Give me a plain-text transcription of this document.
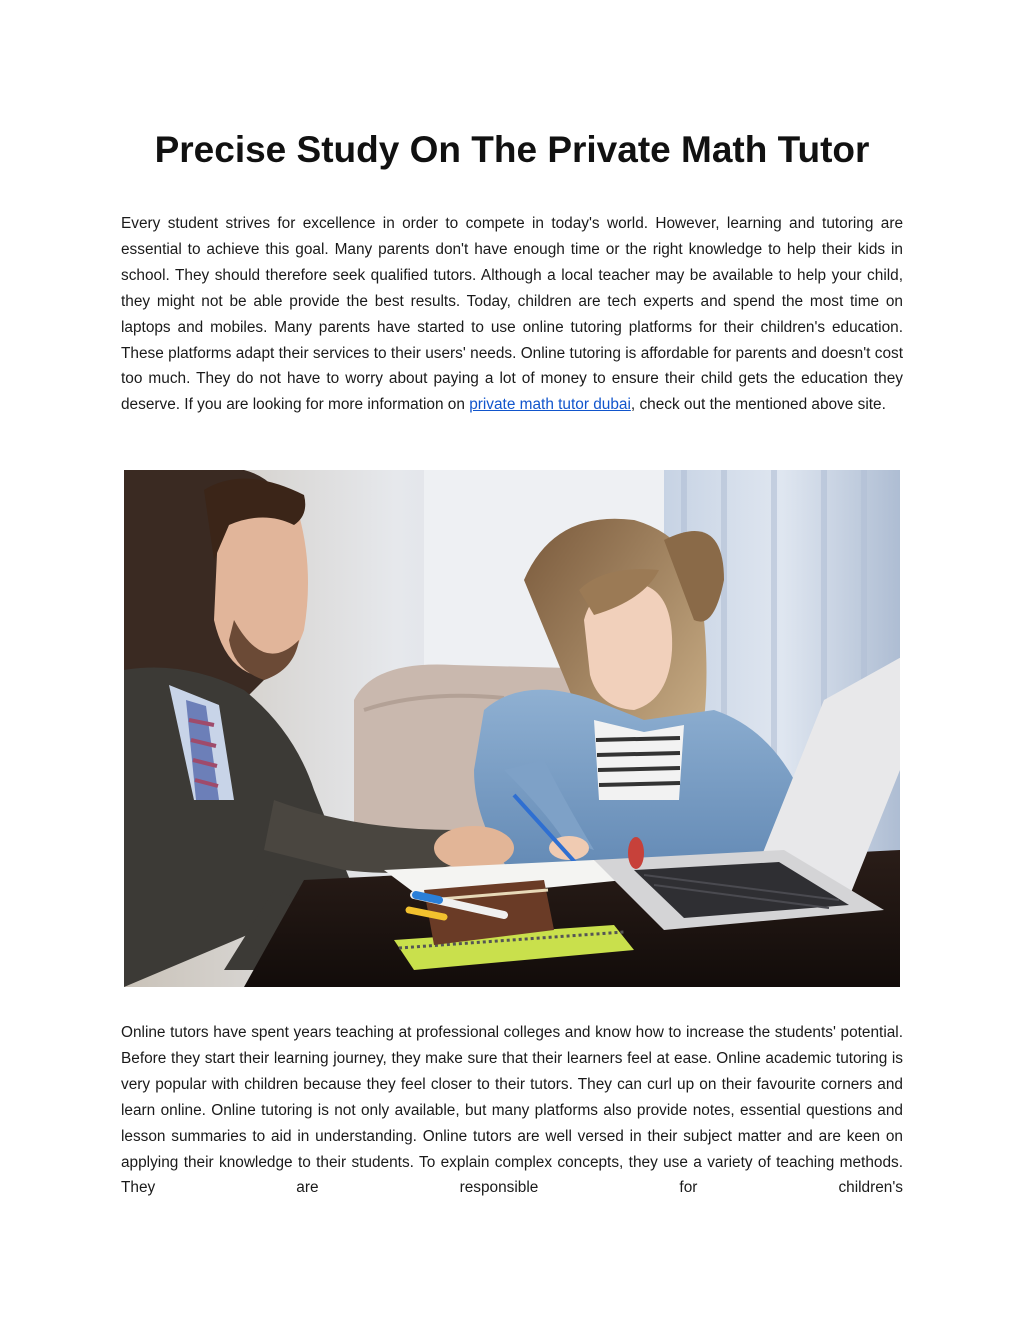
Precise Study On The Private Math Tutor

Every student strives for excellence in order to compete in today's world. However, learning and tutoring are essential to achieve this goal. Many parents don't have enough time or the right knowledge to help their kids in school. They should therefore seek qualified tutors. Although a local teacher may be available to help your child, they might not be able provide the best results. Today, children are tech experts and spend the most time on laptops and mobiles. Many parents have started to use online tutoring platforms for their children's education. These platforms adapt their services to their users' needs. Online tutoring is affordable for parents and doesn't cost too much. They do not have to worry about paying a lot of money to ensure their child gets the education they deserve. If you are looking for more information on private math tutor dubai, check out the mentioned above site.

Online tutors have spent years teaching at professional colleges and know how to increase the students' potential. Before they start their learning journey, they make sure that their learners feel at ease. Online academic tutoring is very popular with children because they feel closer to their tutors. They can curl up on their favourite corners and learn online. Online tutoring is not only available, but many platforms also provide notes, essential questions and lesson summaries to aid in understanding. Online tutors are well versed in their subject matter and are keen on applying their knowledge to their students. To explain complex concepts, they use a variety of teaching methods. They are responsible for children's
